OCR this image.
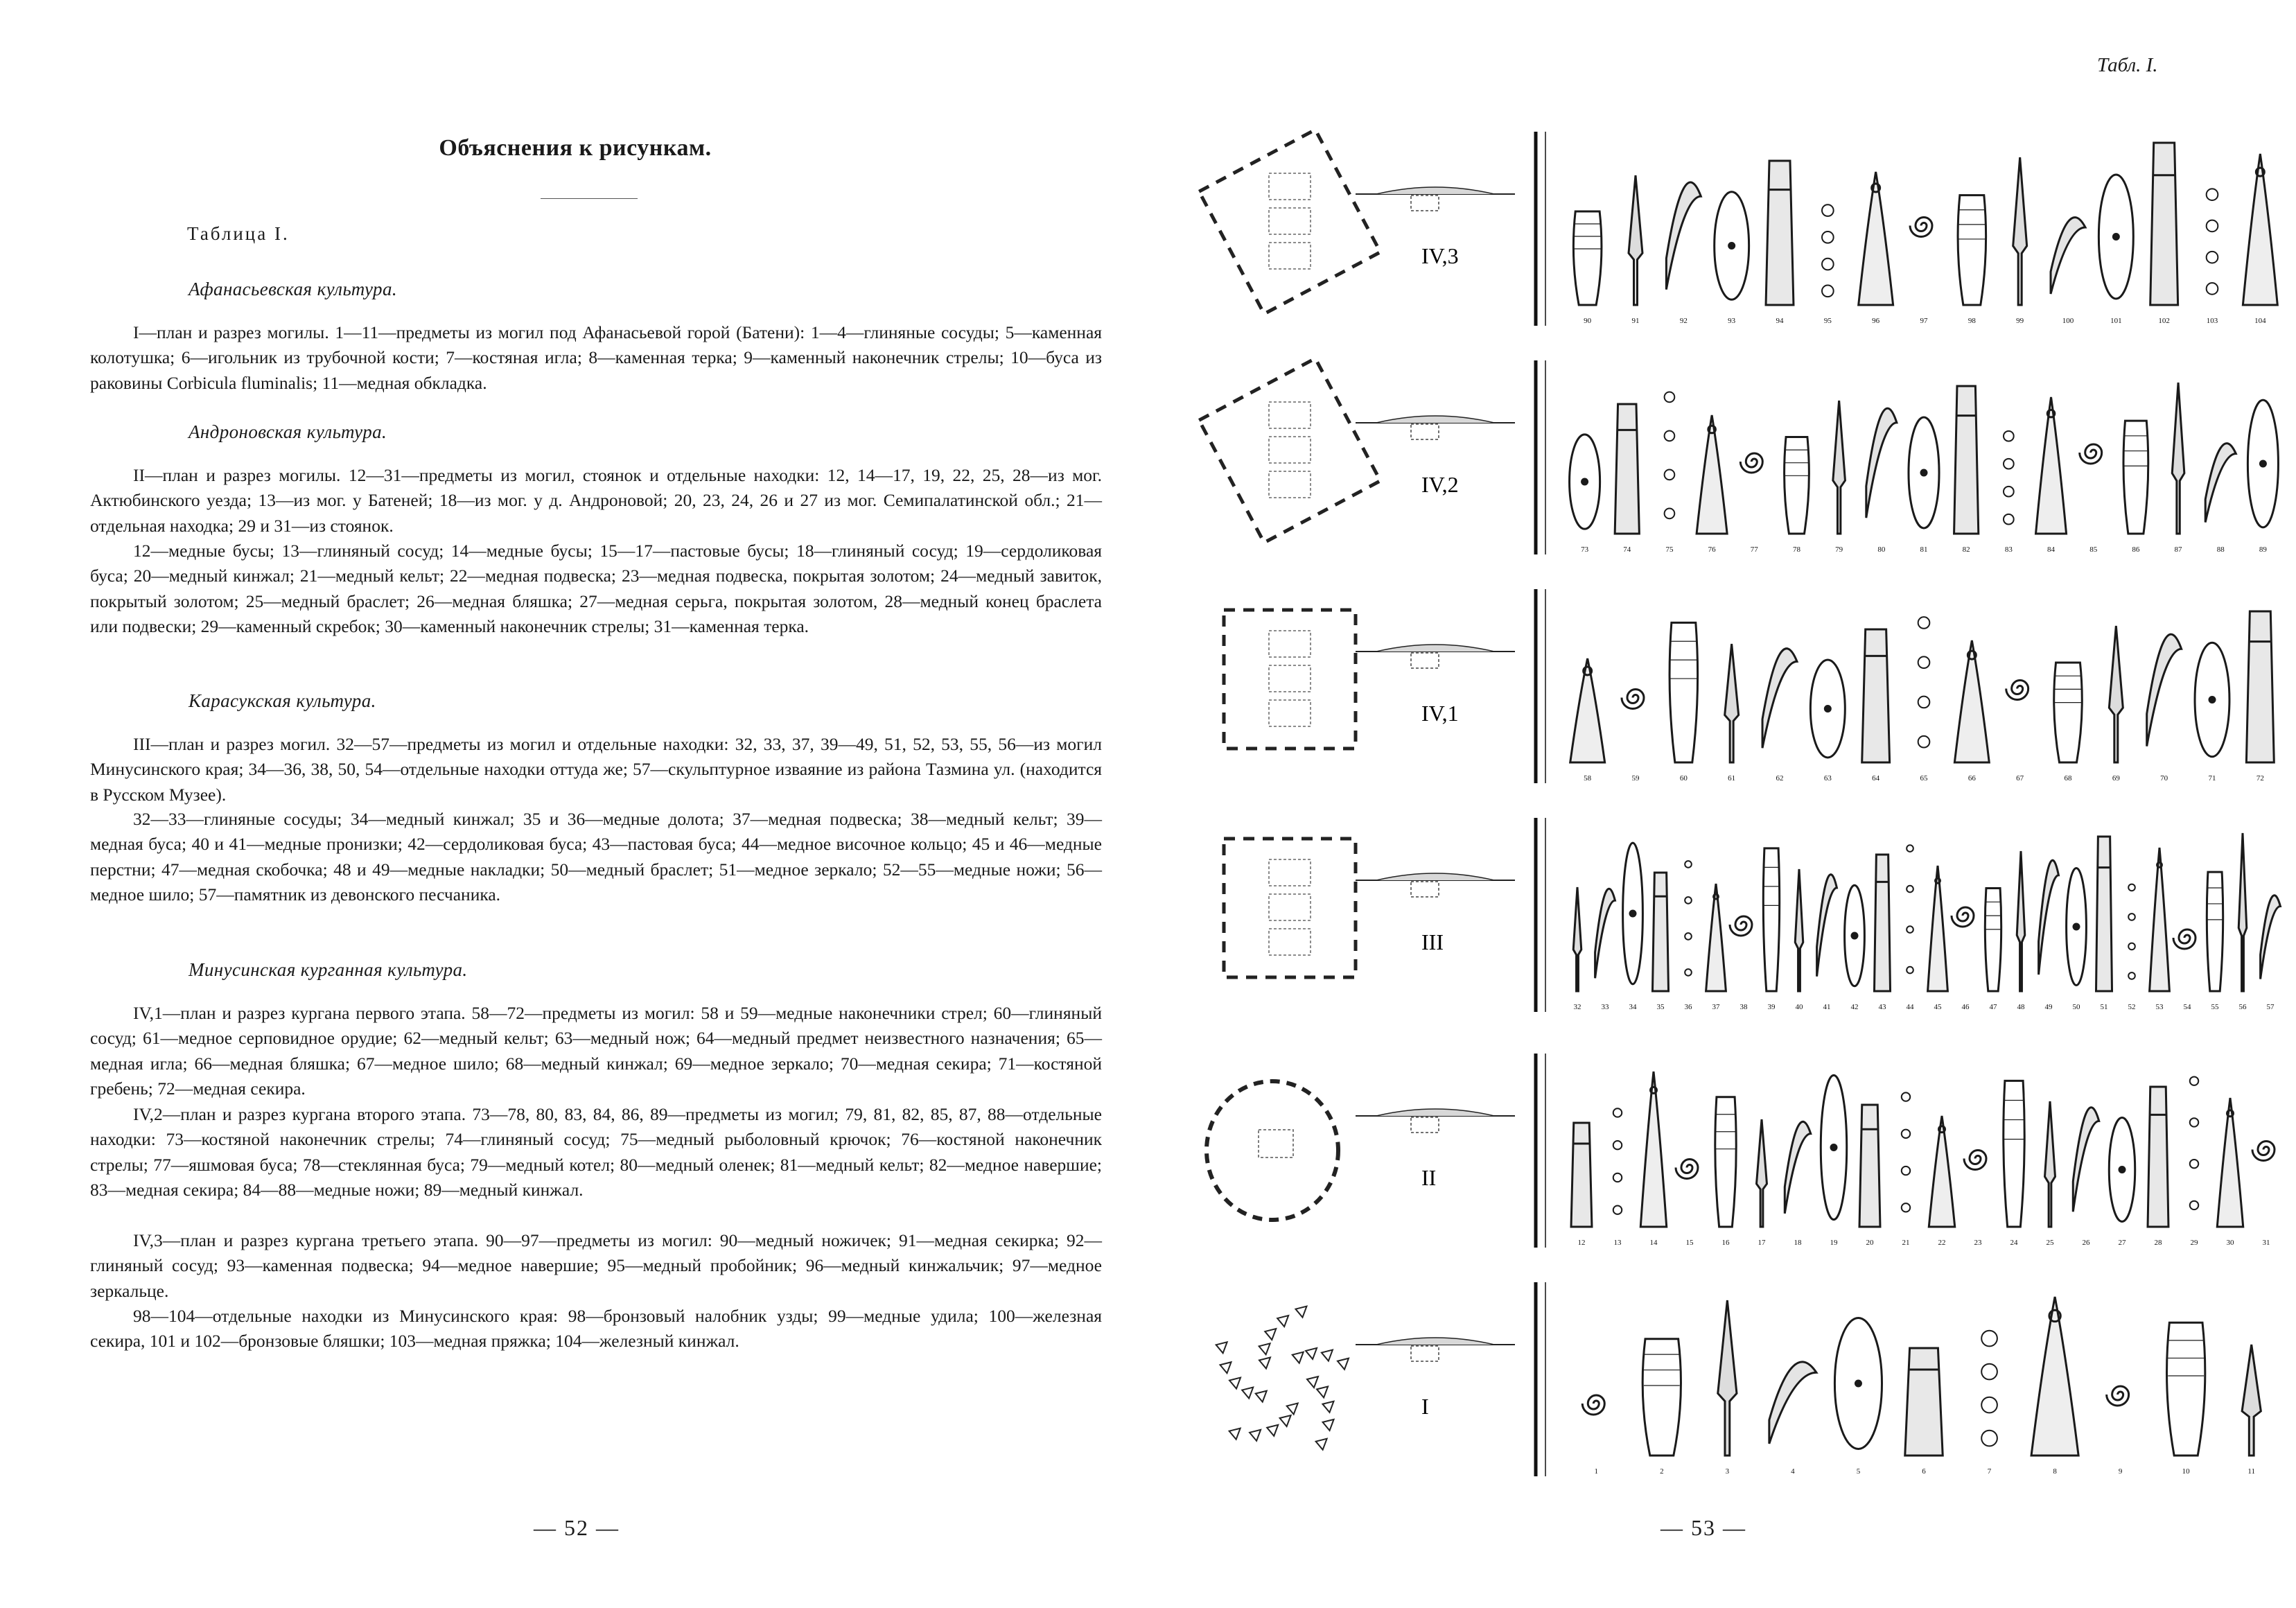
Объяснения к рисункам.
Таблица I.
Афанасьевская культура.

I—план и разрез могилы. 1—11—предметы из могил под Афанасьевой горой (Батени): 1—4—глиняные сосуды; 5—каменная колотушка; 6—игольник из трубочной кости; 7—костяная игла; 8—каменная терка; 9—каменный наконечник стрелы; 10—буса из раковины Corbicula fluminalis; 11—медная обкладка.

Андроновская культура.

II—план и разрез могилы. 12—31—предметы из могил, стоянок и отдельные находки: 12, 14—17, 19, 22, 25, 28—из мог. Актюбинского уезда; 13—из мог. у Батеней; 18—из мог. у д. Андроновой; 20, 23, 24, 26 и 27 из мог. Семипалатинской обл.; 21—отдельная находка; 29 и 31—из стоянок.

12—медные бусы; 13—глиняный сосуд; 14—медные бусы; 15—17—пастовые бусы; 18—глиняный сосуд; 19—сердоликовая буса; 20—медный кинжал; 21—медный кельт; 22—медная подвеска; 23—медная подвеска, покрытая золотом; 24—медный завиток, покрытый золотом; 25—медный браслет; 26—медная бляшка; 27—медная серьга, покрытая золотом, 28—медный конец браслета или подвески; 29—каменный скребок; 30—каменный наконечник стрелы; 31—каменная терка.

Карасукская культура.

III—план и разрез могил. 32—57—предметы из могил и отдельные находки: 32, 33, 37, 39—49, 51, 52, 53, 55, 56—из могил Минусинского края; 34—36, 38, 50, 54—отдельные находки оттуда же; 57—скульптурное изваяние из района Тазмина ул. (находится в Русском Музее).

32—33—глиняные сосуды; 34—медный кинжал; 35 и 36—медные долота; 37—медная подвеска; 38—медный кельт; 39—медная буса; 40 и 41—медные пронизки; 42—сердоликовая буса; 43—пастовая буса; 44—медное височное кольцо; 45 и 46—медные перстни; 47—медная скобочка; 48 и 49—медные накладки; 50—медный браслет; 51—медное зеркало; 52—55—медные ножи; 56—медное шило; 57—памятник из девонского песчаника.

Минусинская курганная культура.

IV,1—план и разрез кургана первого этапа. 58—72—предметы из могил: 58 и 59—медные наконечники стрел; 60—глиняный сосуд; 61—медное серповидное орудие; 62—медный кельт; 63—медный нож; 64—медный предмет неизвестного назначения; 65—медная игла; 66—медная бляшка; 67—медное шило; 68—медный кинжал; 69—медное зеркало; 70—медная секира; 71—костяной гребень; 72—медная секира.

IV,2—план и разрез кургана второго этапа. 73—78, 80, 83, 84, 86, 89—предметы из могил; 79, 81, 82, 85, 87, 88—отдельные находки: 73—костяной наконечник стрелы; 74—глиняный сосуд; 75—медный рыболовный крючок; 76—костяной наконечник стрелы; 77—яшмовая буса; 78—стеклянная буса; 79—медный котел; 80—медный оленек; 81—медный кельт; 82—медное навершие; 83—медная секира; 84—88—медные ножи; 89—медный кинжал.

IV,3—план и разрез кургана третьего этапа. 90—97—предметы из могил: 90—медный ножичек; 91—медная секирка; 92—глиняный сосуд; 93—каменная подвеска; 94—медное навершие; 95—медный пробойник; 96—медный кинжальчик; 97—медное зеркальце.

98—104—отдельные находки из Минусинского края: 98—бронзовый налобник узды; 99—медные удила; 100—железная секира, 101 и 102—бронзовые бляшки; 103—медная пряжка; 104—железный кинжал.

— 52 —
Табл. I.
IV,3
90	91	92	93	94	95	96	97	98	99	100	101	102	103	104
IV,2
73	74	75	76	77	78	79	80	81	82	83	84	85	86	87	88	89
IV,1
58	59	60	61	62	63	64	65	66	67	68	69	70	71	72
III
32	33	34	35	36	37	38	39	40	41	42	43	44	45	46	47	48	49	50	51	52	53	54	55	56	57
II
12	13	14	15	16	17	18	19	20	21	22	23	24	25	26	27	28	29	30	31
I
1	2	3	4	5	6	7	8	9	10	11
— 53 —
